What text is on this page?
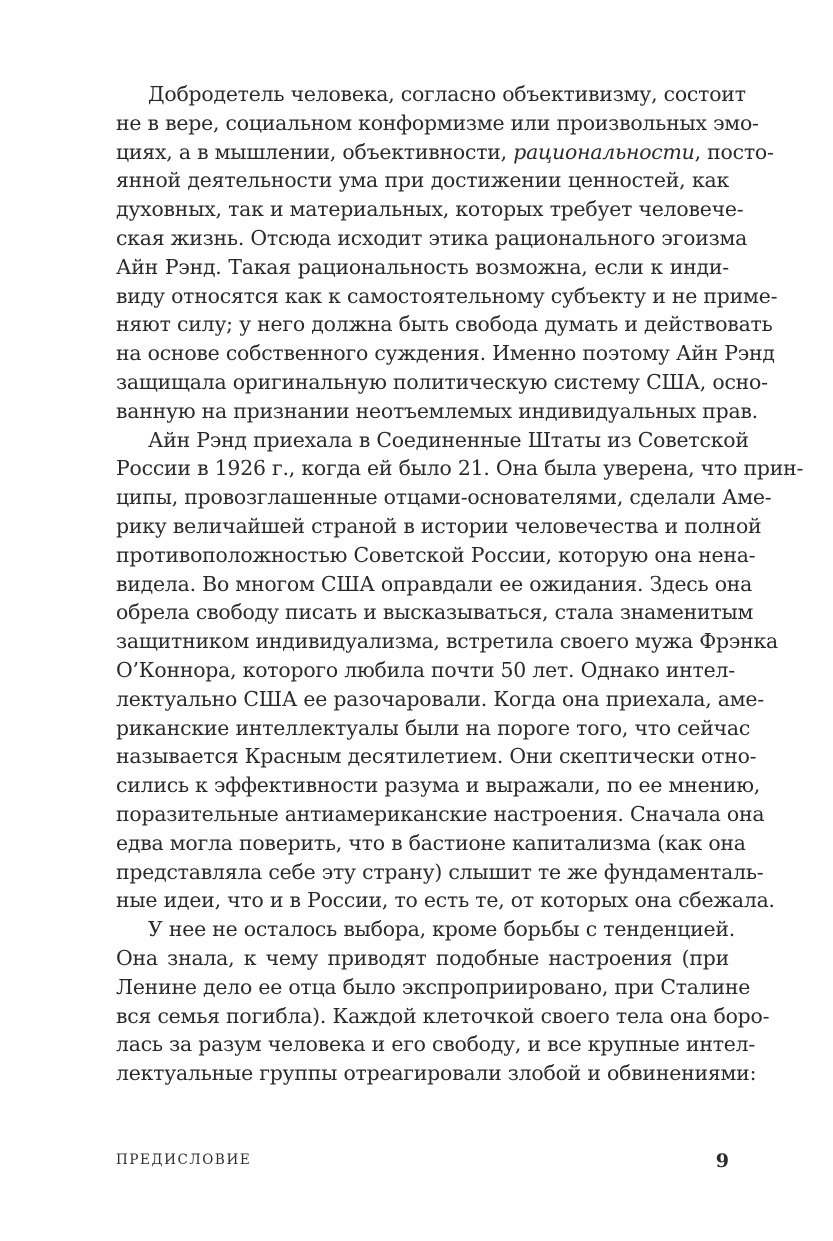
Добродетель человека, согласно объективизму, состоит
не в вере, социальном конформизме или произвольных эмо-
циях, а в мышлении, объективности, рациональности, посто-
янной деятельности ума при достижении ценностей, как
духовных, так и материальных, которых требует человече-
ская жизнь. Отсюда исходит этика рационального эгоизма
Айн Рэнд. Такая рациональность возможна, если к инди-
виду относятся как к самостоятельному субъекту и не приме-
няют силу; у него должна быть свобода думать и действовать
на основе собственного суждения. Именно поэтому Айн Рэнд
защищала оригинальную политическую систему США, осно-
ванную на признании неотъемлемых индивидуальных прав.
Айн Рэнд приехала в Соединенные Штаты из Советской
России в 1926 г., когда ей было 21. Она была уверена, что прин-
ципы, провозглашенные отцами-основателями, сделали Аме-
рику величайшей страной в истории человечества и полной
противоположностью Советской России, которую она нена-
видела. Во многом США оправдали ее ожидания. Здесь она
обрела свободу писать и высказываться, стала знаменитым
защитником индивидуализма, встретила своего мужа Фрэнка
О’Коннора, которого любила почти 50 лет. Однако интел-
лектуально США ее разочаровали. Когда она приехала, аме-
риканские интеллектуалы были на пороге того, что сейчас
называется Красным десятилетием. Они скептически отно-
сились к эффективности разума и выражали, по ее мнению,
поразительные антиамериканские настроения. Сначала она
едва могла поверить, что в бастионе капитализма (как она
представляла себе эту страну) слышит те же фундаменталь-
ные идеи, что и в России, то есть те, от которых она сбежала.
У нее не осталось выбора, кроме борьбы с тенденцией.
Она знала, к чему приводят подобные настроения (при
Ленине дело ее отца было экспроприировано, при Сталине
вся семья погибла). Каждой клеточкой своего тела она боро-
лась за разум человека и его свободу, и все крупные интел-
лектуальные группы отреагировали злобой и обвинениями:
ПРЕДИСЛОВИЕ	9
